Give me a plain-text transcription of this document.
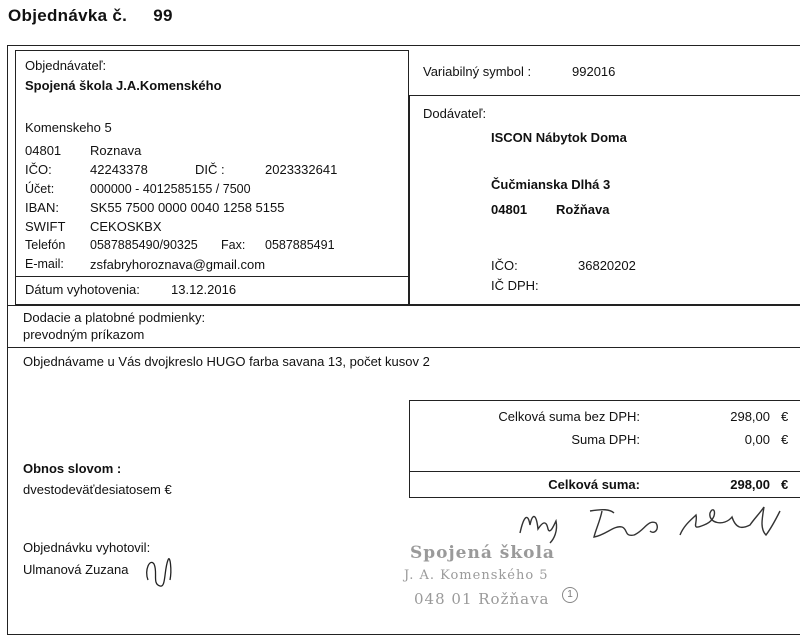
Objednávka č. 99
Objednávateľ:
Spojená škola J.A.Komenského
Komenskeho 5
04801 Roznava
IČO:	42243378	DIČ :	2023332641
Účet:	000000 - 4012585155 / 7500
IBAN: SK55 7500 0000 0040 1258 5155
SWIFT CEKOSKBX
Telefón 0587885490/90325 Fax: 0587885491
E-mail: zsfabryhoroznava@gmail.com
Dátum vyhotovenia: 13.12.2016
Variabilný symbol :	992016
Dodávateľ:
ISCON Nábytok Doma
Čučmianska Dlhá 3
04801 Rožňava
IČO:	36820202
IČ DPH:
Dodacie a platobné podmienky:
prevodným príkazom
Objednávame u Vás dvojkreslo HUGO farba savana 13, počet kusov 2
Celková suma bez DPH:	298,00 €
Suma DPH:	0,00 €
Celková suma:	298,00 €
Obnos slovom :
dvestodeväťdesiatosem €
Objednávku vyhotovil:
Ulmanová Zuzana
Spojená škola
J. A. Komenského 5
048 01 Rožňava	1
